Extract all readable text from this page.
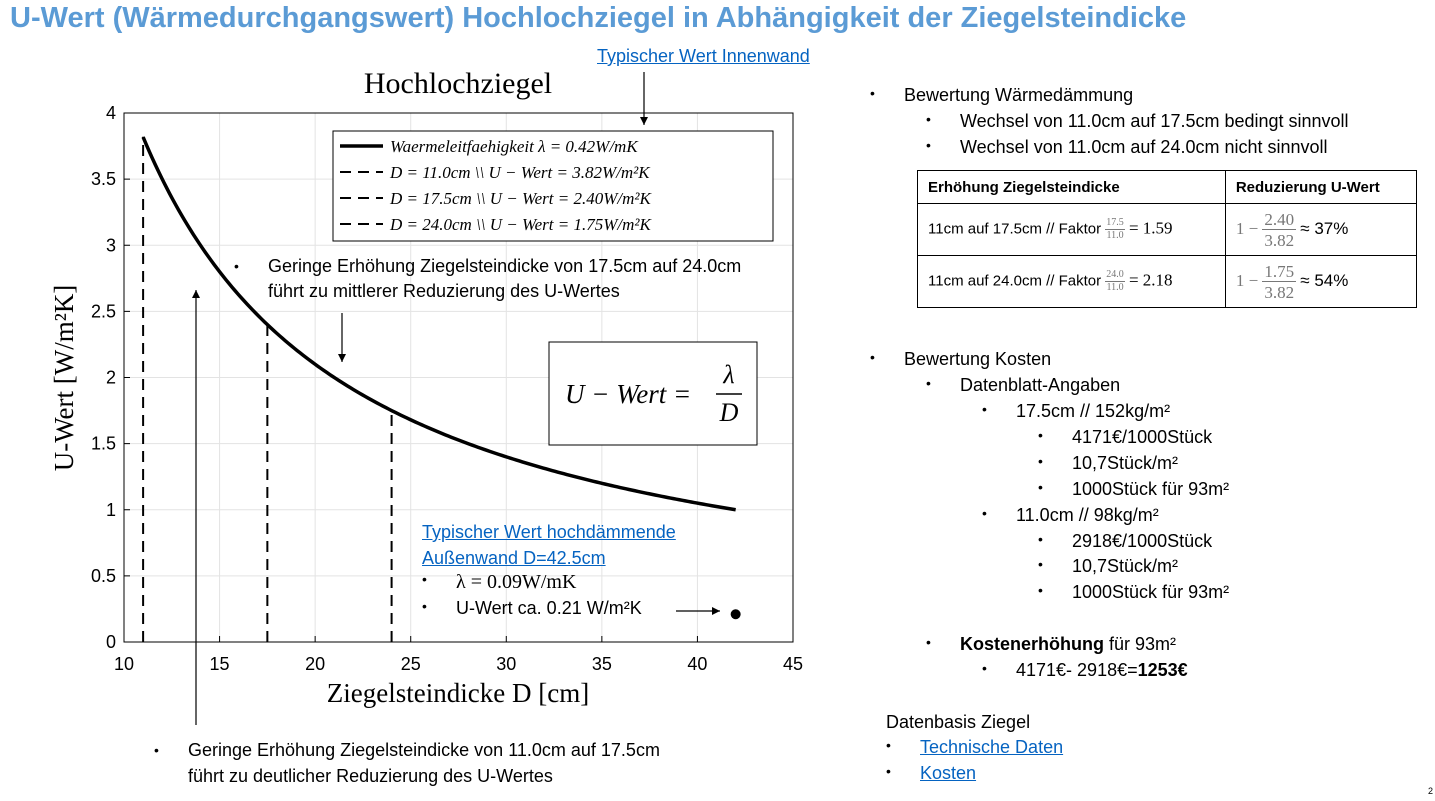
U-Wert (Wärmedurchgangswert) Hochlochziegel in Abhängigkeit der Ziegelsteindicke
Typischer Wert Innenwand
Hochlochziegel
10	15	20	25	30	35	40	45
0
0.5
1
1.5
2
2.5
3
3.5
4
Ziegelsteindicke D [cm]
U-Wert [W/m²K]
Waermeleitfaehigkeit λ = 0.42W/mK
D = 11.0cm \\ U − Wert = 3.82W/m²K
D = 17.5cm \\ U − Wert = 2.40W/m²K
D = 24.0cm \\ U − Wert = 1.75W/m²K
U − Wert =
λ
D
• Geringe Erhöhung Ziegelsteindicke von 17.5cm auf 24.0cm
führt zu mittlerer Reduzierung des U-Wertes
• Geringe Erhöhung Ziegelsteindicke von 11.0cm auf 17.5cm
führt zu deutlicher Reduzierung des U-Wertes
Typischer Wert hochdämmende
Außenwand D=42.5cm
• λ = 0.09W/mK
• U-Wert ca. 0.21 W/m²K
• Bewertung Wärmedämmung
• Wechsel von 11.0cm auf 17.5cm bedingt sinnvoll
• Wechsel von 11.0cm auf 24.0cm nicht sinnvoll
Erhöhung Ziegelsteindicke	Reduzierung U-Wert
11cm auf 17.5cm // Faktor $\frac{17.5}{11.0} = 1.59$	$1 - \frac{2.40}{3.82} \approx 37\%$
11cm auf 24.0cm // Faktor $\frac{24.0}{11.0} = 2.18$	$1 - \frac{1.75}{3.82} \approx 54\%$
• Bewertung Kosten
• Datenblatt-Angaben
• 17.5cm // 152kg/m²
• 4171€/1000Stück
• 10,7Stück/m²
• 1000Stück für 93m²
• 11.0cm // 98kg/m²
• 2918€/1000Stück
• 10,7Stück/m²
• 1000Stück für 93m²
• Kostenerhöhung für 93m²
• 4171€- 2918€=1253€
Datenbasis Ziegel
• Technische Daten
• Kosten
2
